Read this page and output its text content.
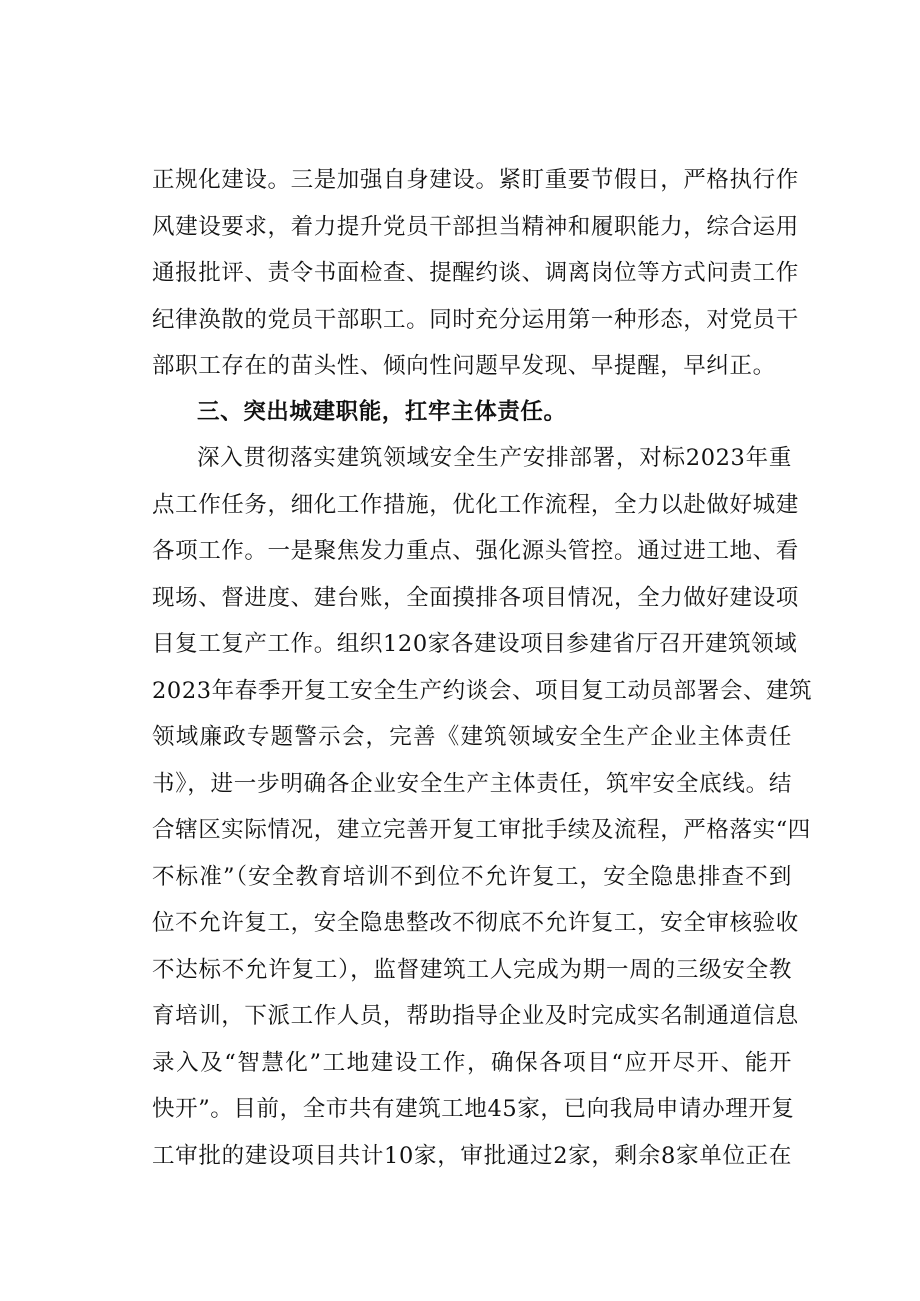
正规化建设。三是加强自身建设。紧盯重要节假日，严格执行作
风建设要求，着力提升党员干部担当精神和履职能力，综合运用
通报批评、责令书面检查、提醒约谈、调离岗位等方式问责工作
纪律涣散的党员干部职工。同时充分运用第一种形态，对党员干
部职工存在的苗头性、倾向性问题早发现、早提醒，早纠正。
三、突出城建职能，扛牢主体责任。
深入贯彻落实建筑领域安全生产安排部署，对标2023年重
点工作任务，细化工作措施，优化工作流程，全力以赴做好城建
各项工作。一是聚焦发力重点、强化源头管控。通过进工地、看
现场、督进度、建台账，全面摸排各项目情况，全力做好建设项
目复工复产工作。组织120家各建设项目参建省厅召开建筑领域
2023年春季开复工安全生产约谈会、项目复工动员部署会、建筑
领域廉政专题警示会，完善《建筑领域安全生产企业主体责任
书》，进一步明确各企业安全生产主体责任，筑牢安全底线。结
合辖区实际情况，建立完善开复工审批手续及流程，严格落实“四
不标准”（安全教育培训不到位不允许复工，安全隐患排查不到
位不允许复工，安全隐患整改不彻底不允许复工，安全审核验收
不达标不允许复工），监督建筑工人完成为期一周的三级安全教
育培训，下派工作人员，帮助指导企业及时完成实名制通道信息
录入及“智慧化”工地建设工作，确保各项目“应开尽开、能开
快开”。目前，全市共有建筑工地45家，已向我局申请办理开复
工审批的建设项目共计10家，审批通过2家，剩余8家单位正在
